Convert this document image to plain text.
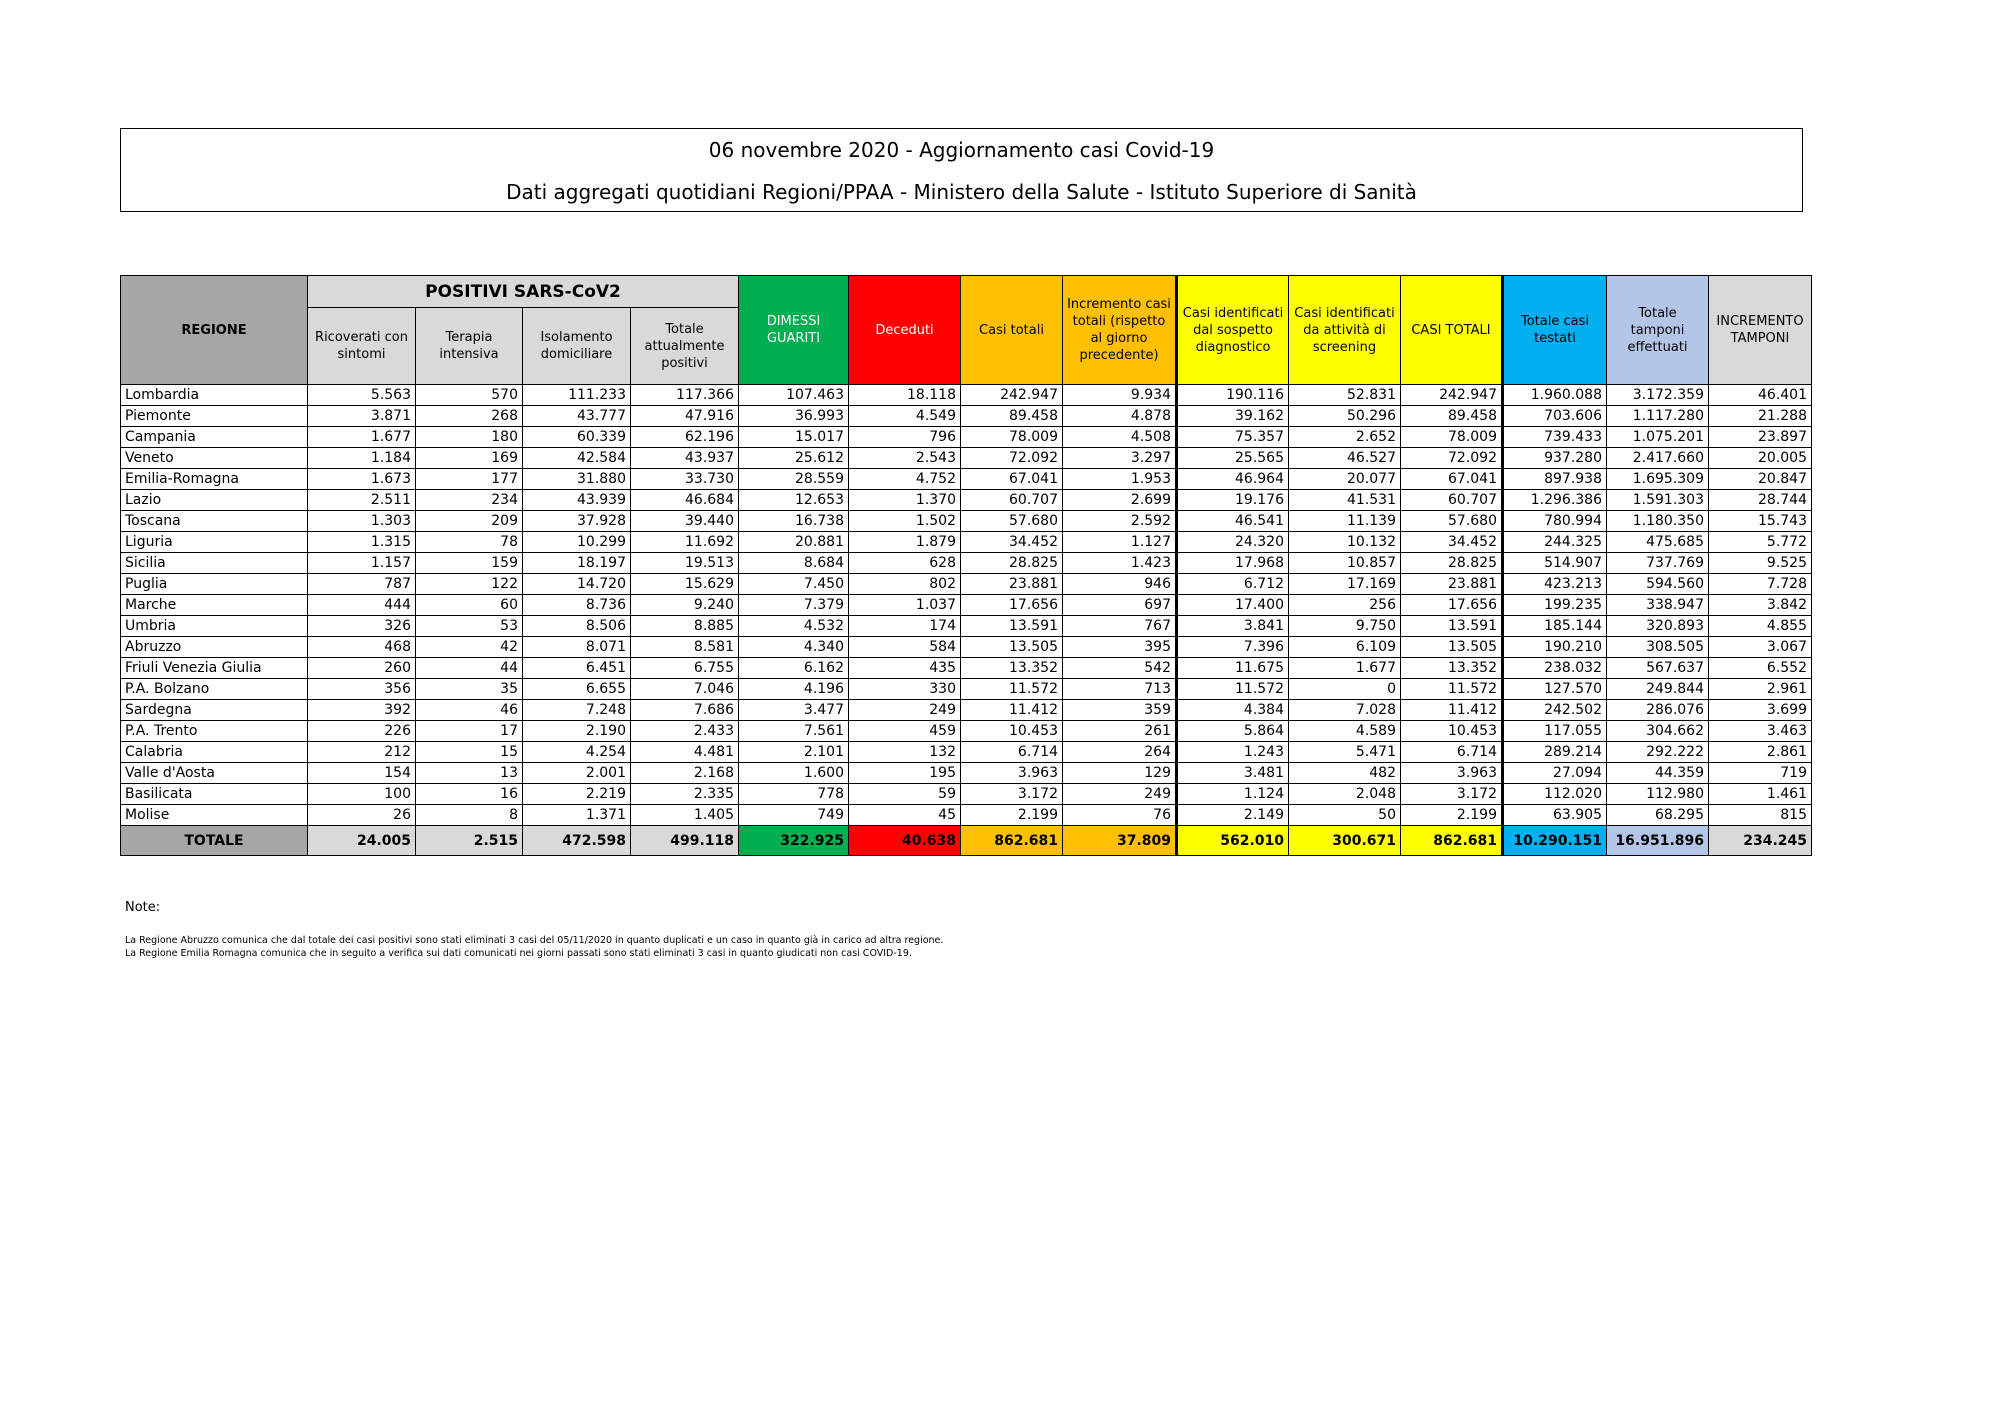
06 novembre 2020 - Aggiornamento casi Covid-19
Dati aggregati quotidiani Regioni/PPAA - Ministero della Salute - Istituto Superiore di Sanità
REGIONE	POSITIVI SARS-CoV2				DIMESSI GUARITI	Deceduti	Casi totali	Incremento casi totali (rispetto al giorno precedente)	Casi identificati dal sospetto diagnostico	Casi identificati da attività di screening	CASI TOTALI	Totale casi testati	Totale tamponi effettuati	INCREMENTO TAMPONI
	Ricoverati con sintomi	Terapia intensiva	Isolamento domiciliare	Totale attualmente positivi										
Lombardia	5.563	570	111.233	117.366	107.463	18.118	242.947	9.934	190.116	52.831	242.947	1.960.088	3.172.359	46.401
Piemonte	3.871	268	43.777	47.916	36.993	4.549	89.458	4.878	39.162	50.296	89.458	703.606	1.117.280	21.288
Campania	1.677	180	60.339	62.196	15.017	796	78.009	4.508	75.357	2.652	78.009	739.433	1.075.201	23.897
Veneto	1.184	169	42.584	43.937	25.612	2.543	72.092	3.297	25.565	46.527	72.092	937.280	2.417.660	20.005
Emilia-Romagna	1.673	177	31.880	33.730	28.559	4.752	67.041	1.953	46.964	20.077	67.041	897.938	1.695.309	20.847
Lazio	2.511	234	43.939	46.684	12.653	1.370	60.707	2.699	19.176	41.531	60.707	1.296.386	1.591.303	28.744
Toscana	1.303	209	37.928	39.440	16.738	1.502	57.680	2.592	46.541	11.139	57.680	780.994	1.180.350	15.743
Liguria	1.315	78	10.299	11.692	20.881	1.879	34.452	1.127	24.320	10.132	34.452	244.325	475.685	5.772
Sicilia	1.157	159	18.197	19.513	8.684	628	28.825	1.423	17.968	10.857	28.825	514.907	737.769	9.525
Puglia	787	122	14.720	15.629	7.450	802	23.881	946	6.712	17.169	23.881	423.213	594.560	7.728
Marche	444	60	8.736	9.240	7.379	1.037	17.656	697	17.400	256	17.656	199.235	338.947	3.842
Umbria	326	53	8.506	8.885	4.532	174	13.591	767	3.841	9.750	13.591	185.144	320.893	4.855
Abruzzo	468	42	8.071	8.581	4.340	584	13.505	395	7.396	6.109	13.505	190.210	308.505	3.067
Friuli Venezia Giulia	260	44	6.451	6.755	6.162	435	13.352	542	11.675	1.677	13.352	238.032	567.637	6.552
P.A. Bolzano	356	35	6.655	7.046	4.196	330	11.572	713	11.572	0	11.572	127.570	249.844	2.961
Sardegna	392	46	7.248	7.686	3.477	249	11.412	359	4.384	7.028	11.412	242.502	286.076	3.699
P.A. Trento	226	17	2.190	2.433	7.561	459	10.453	261	5.864	4.589	10.453	117.055	304.662	3.463
Calabria	212	15	4.254	4.481	2.101	132	6.714	264	1.243	5.471	6.714	289.214	292.222	2.861
Valle d'Aosta	154	13	2.001	2.168	1.600	195	3.963	129	3.481	482	3.963	27.094	44.359	719
Basilicata	100	16	2.219	2.335	778	59	3.172	249	1.124	2.048	3.172	112.020	112.980	1.461
Molise	26	8	1.371	1.405	749	45	2.199	76	2.149	50	2.199	63.905	68.295	815
TOTALE	24.005	2.515	472.598	499.118	322.925	40.638	862.681	37.809	562.010	300.671	862.681	10.290.151	16.951.896	234.245
Note:
La Regione Abruzzo comunica che dal totale dei casi positivi sono stati eliminati 3 casi del 05/11/2020 in quanto duplicati e un caso in quanto già in carico ad altra regione.
La Regione Emilia Romagna comunica che in seguito a verifica sui dati comunicati nei giorni passati sono stati eliminati 3 casi in quanto giudicati non casi COVID-19.
